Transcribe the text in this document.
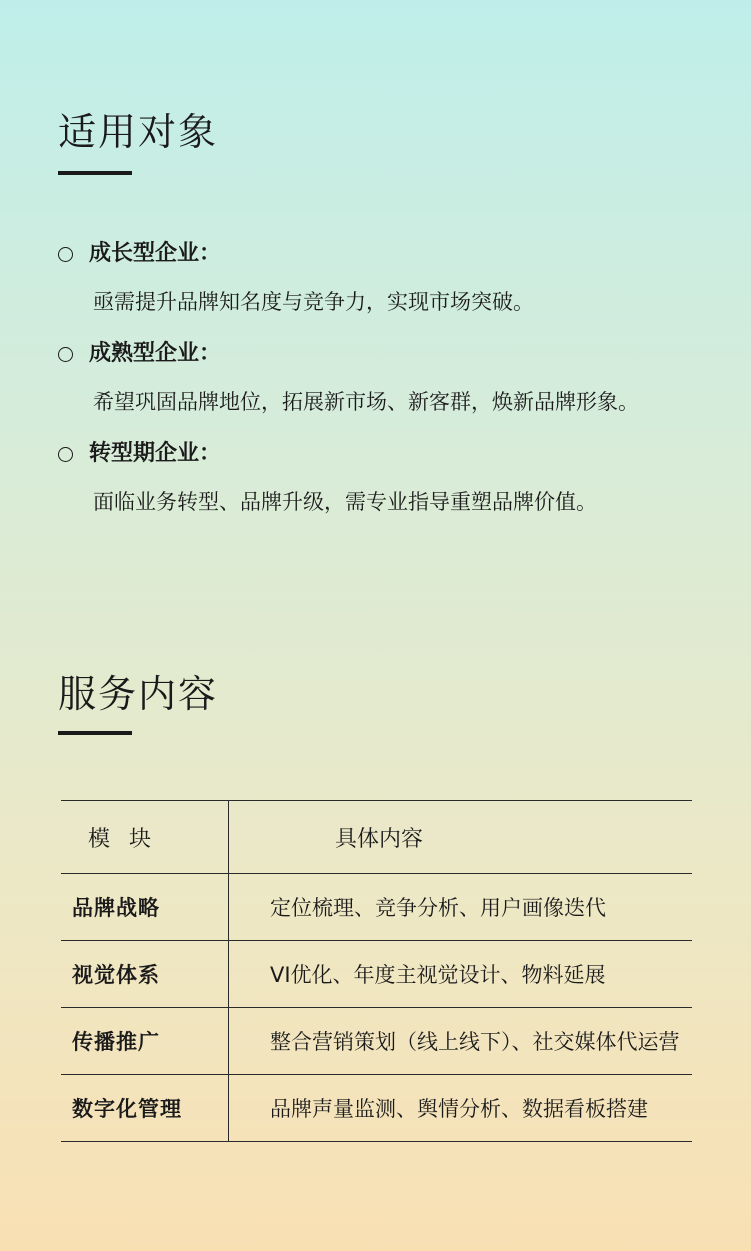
适用对象
成长型企业：
亟需提升品牌知名度与竞争力，实现市场突破。
成熟型企业：
希望巩固品牌地位，拓展新市场、新客群，焕新品牌形象。
转型期企业：
面临业务转型、品牌升级，需专业指导重塑品牌价值。
服务内容
模 块	具体内容
品牌战略	定位梳理、竞争分析、用户画像迭代
视觉体系	VI优化、年度主视觉设计、物料延展
传播推广	整合营销策划（线上线下）、社交媒体代运营
数字化管理	品牌声量监测、舆情分析、数据看板搭建
